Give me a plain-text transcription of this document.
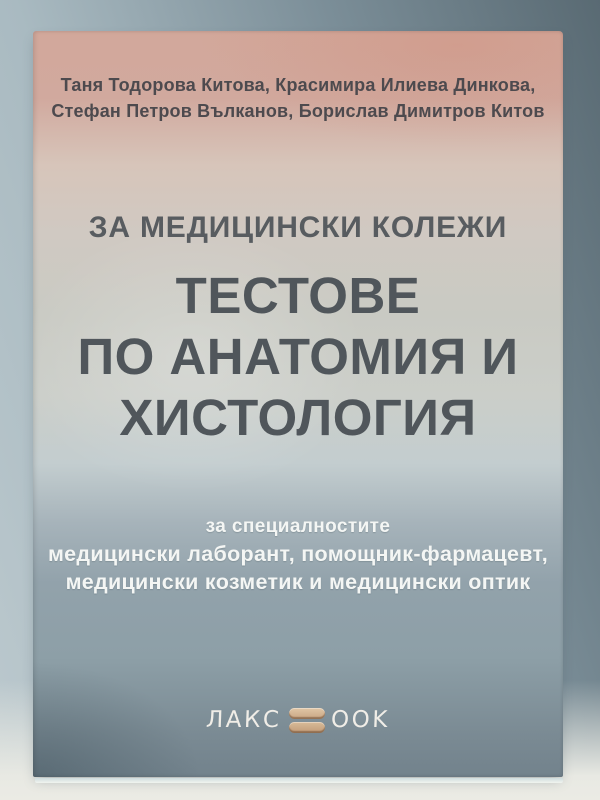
Таня Тодорова Китова, Красимира Илиева Динкова,
Стефан Петров Вълканов, Борислав Димитров Китов
ЗА МЕДИЦИНСКИ КОЛЕЖИ
ТЕСТОВЕ
ПО АНАТОМИЯ И
ХИСТОЛОГИЯ
за специалностите
медицински лаборант, помощник-фармацевт,
медицински козметик и медицински оптик
ЛАКС OOK
